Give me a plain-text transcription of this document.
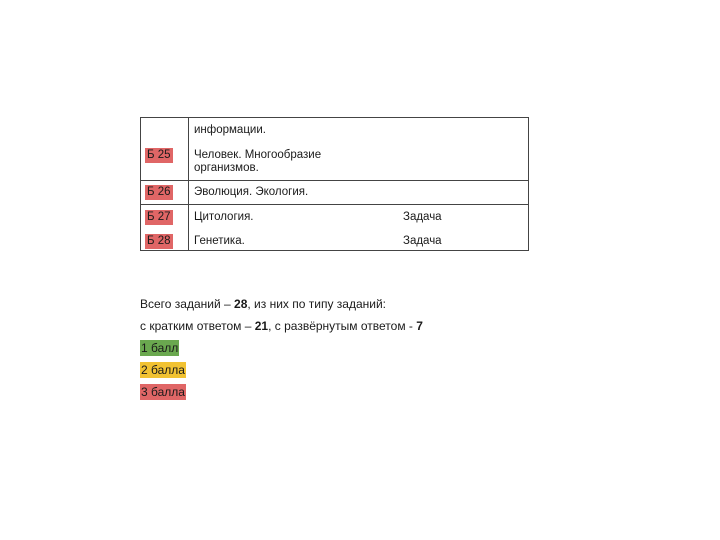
информации.
Б 25 Человек. Многообразие
организмов.
Б 26 Эволюция. Экология.
Б 27 Цитология.	Задача
Б 28 Генетика.	Задача
Всего заданий – 28, из них по типу заданий:
с кратким ответом – 21, с развёрнутым ответом - 7
1 балл
2 балла
3 балла
